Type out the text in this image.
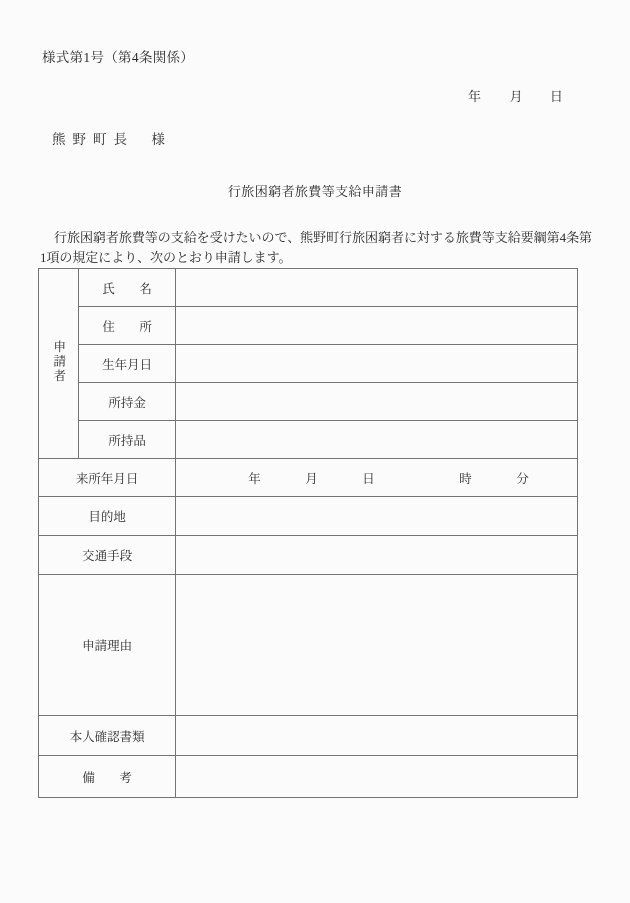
様式第1号（第4条関係）
年	月	日
熊野町長 様
行旅困窮者旅費等支給申請書
行旅困窮者旅費等の支給を受けたいので、熊野町行旅困窮者に対する旅費等支給要綱第4条第1項の規定により、次のとおり申請します。
申請者	氏　名	
	住　所	
	生年月日	
	所持金	
	所持品	
来所年月日		年 月 日 時 分

目的地		
交通手段		
申請理由		
本人確認書類		
備　考		
